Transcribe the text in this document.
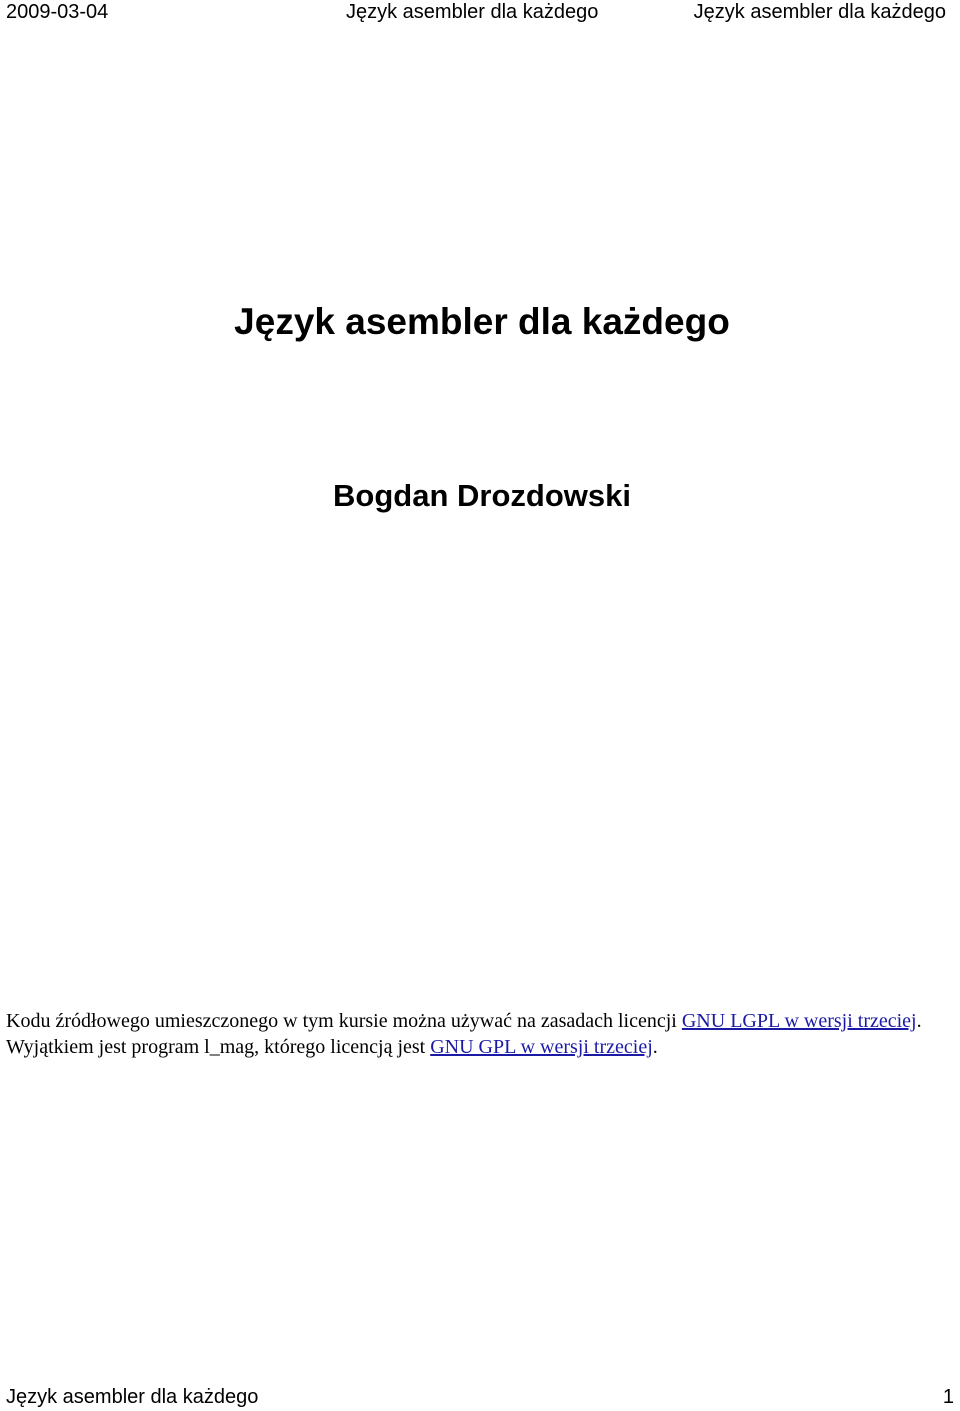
2009-03-04	Język asembler dla każdego	Język asembler dla każdego
Język asembler dla każdego
Bogdan Drozdowski
Kodu źródłowego umieszczonego w tym kursie można używać na zasadach licencji GNU LGPL w wersji trzeciej. Wyjątkiem jest program l_mag, którego licencją jest GNU GPL w wersji trzeciej.
Język asembler dla każdego	1
